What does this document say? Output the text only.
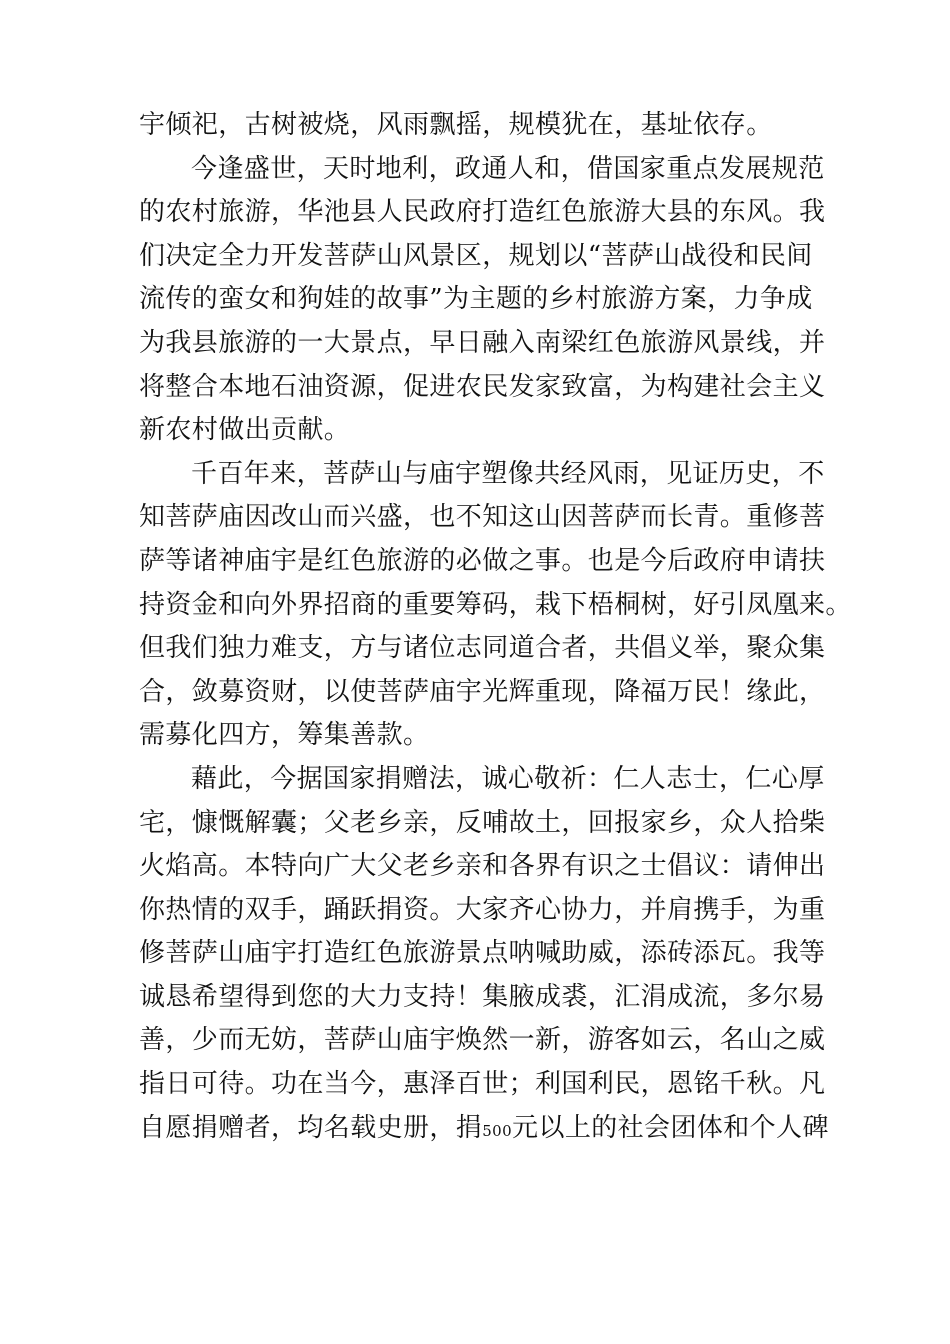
宇倾祀，古树被烧，风雨飘摇，规模犹在，基址依存。
今逢盛世，天时地利，政通人和，借国家重点发展规范
的农村旅游，华池县人民政府打造红色旅游大县的东风。我
们决定全力开发菩萨山风景区，规划以“菩萨山战役和民间
流传的蛮女和狗娃的故事”为主题的乡村旅游方案，力争成
为我县旅游的一大景点，早日融入南梁红色旅游风景线，并
将整合本地石油资源，促进农民发家致富，为构建社会主义
新农村做出贡献。
千百年来，菩萨山与庙宇塑像共经风雨，见证历史，不
知菩萨庙因改山而兴盛，也不知这山因菩萨而长青。重修菩
萨等诸神庙宇是红色旅游的必做之事。也是今后政府申请扶
持资金和向外界招商的重要筹码，栽下梧桐树，好引凤凰来。
但我们独力难支，方与诸位志同道合者，共倡义举，聚众集
合，敛募资财，以使菩萨庙宇光辉重现，降福万民！缘此，
需募化四方，筹集善款。
藉此，今据国家捐赠法，诚心敬祈：仁人志士，仁心厚
宅，慷慨解囊；父老乡亲，反哺故土，回报家乡，众人拾柴
火焰高。本特向广大父老乡亲和各界有识之士倡议：请伸出
你热情的双手，踊跃捐资。大家齐心协力，并肩携手，为重
修菩萨山庙宇打造红色旅游景点呐喊助威，添砖添瓦。我等
诚恳希望得到您的大力支持！集腋成裘，汇涓成流，多尔易
善，少而无妨，菩萨山庙宇焕然一新，游客如云，名山之威
指日可待。功在当今，惠泽百世；利国利民，恩铭千秋。凡
自愿捐赠者，均名载史册，捐500元以上的社会团体和个人碑
